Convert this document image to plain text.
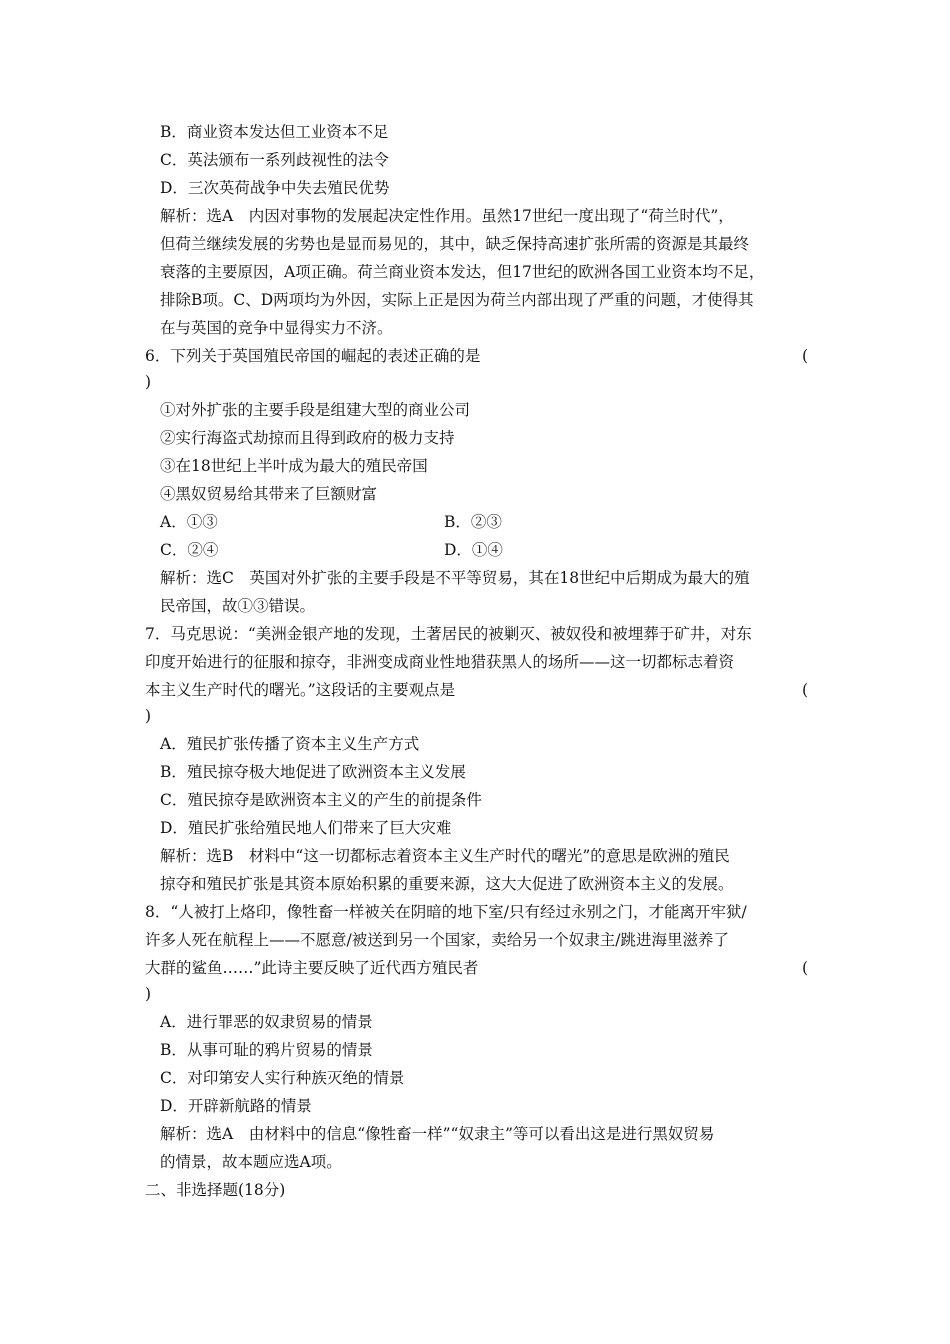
B．商业资本发达但工业资本不足
C．英法颁布一系列歧视性的法令
D．三次英荷战争中失去殖民优势
解析：选A　内因对事物的发展起决定性作用。虽然17世纪一度出现了“荷兰时代”，
但荷兰继续发展的劣势也是显而易见的，其中，缺乏保持高速扩张所需的资源是其最终
衰落的主要原因，A项正确。荷兰商业资本发达，但17世纪的欧洲各国工业资本均不足，
排除B项。C、D两项均为外因，实际上正是因为荷兰内部出现了严重的问题，才使得其
在与英国的竞争中显得实力不济。
6．下列关于英国殖民帝国的崛起的表述正确的是	(
)
①对外扩张的主要手段是组建大型的商业公司
②实行海盗式劫掠而且得到政府的极力支持
③在18世纪上半叶成为最大的殖民帝国
④黑奴贸易给其带来了巨额财富
A．①③	B．②③
C．②④	D．①④
解析：选C　英国对外扩张的主要手段是不平等贸易，其在18世纪中后期成为最大的殖
民帝国，故①③错误。
7．马克思说：“美洲金银产地的发现，土著居民的被剿灭、被奴役和被埋葬于矿井，对东
印度开始进行的征服和掠夺，非洲变成商业性地猎获黑人的场所——这一切都标志着资
本主义生产时代的曙光。”这段话的主要观点是	(
)
A．殖民扩张传播了资本主义生产方式
B．殖民掠夺极大地促进了欧洲资本主义发展
C．殖民掠夺是欧洲资本主义的产生的前提条件
D．殖民扩张给殖民地人们带来了巨大灾难
解析：选B　材料中“这一切都标志着资本主义生产时代的曙光”的意思是欧洲的殖民
掠夺和殖民扩张是其资本原始积累的重要来源，这大大促进了欧洲资本主义的发展。
8．“人被打上烙印，像牲畜一样被关在阴暗的地下室/只有经过永别之门，才能离开牢狱/
许多人死在航程上——不愿意/被送到另一个国家，卖给另一个奴隶主/跳进海里滋养了
大群的鲨鱼……”此诗主要反映了近代西方殖民者	(
)
A．进行罪恶的奴隶贸易的情景
B．从事可耻的鸦片贸易的情景
C．对印第安人实行种族灭绝的情景
D．开辟新航路的情景
解析：选A　由材料中的信息“像牲畜一样”“奴隶主”等可以看出这是进行黑奴贸易
的情景，故本题应选A项。
二、非选择题(18分)
